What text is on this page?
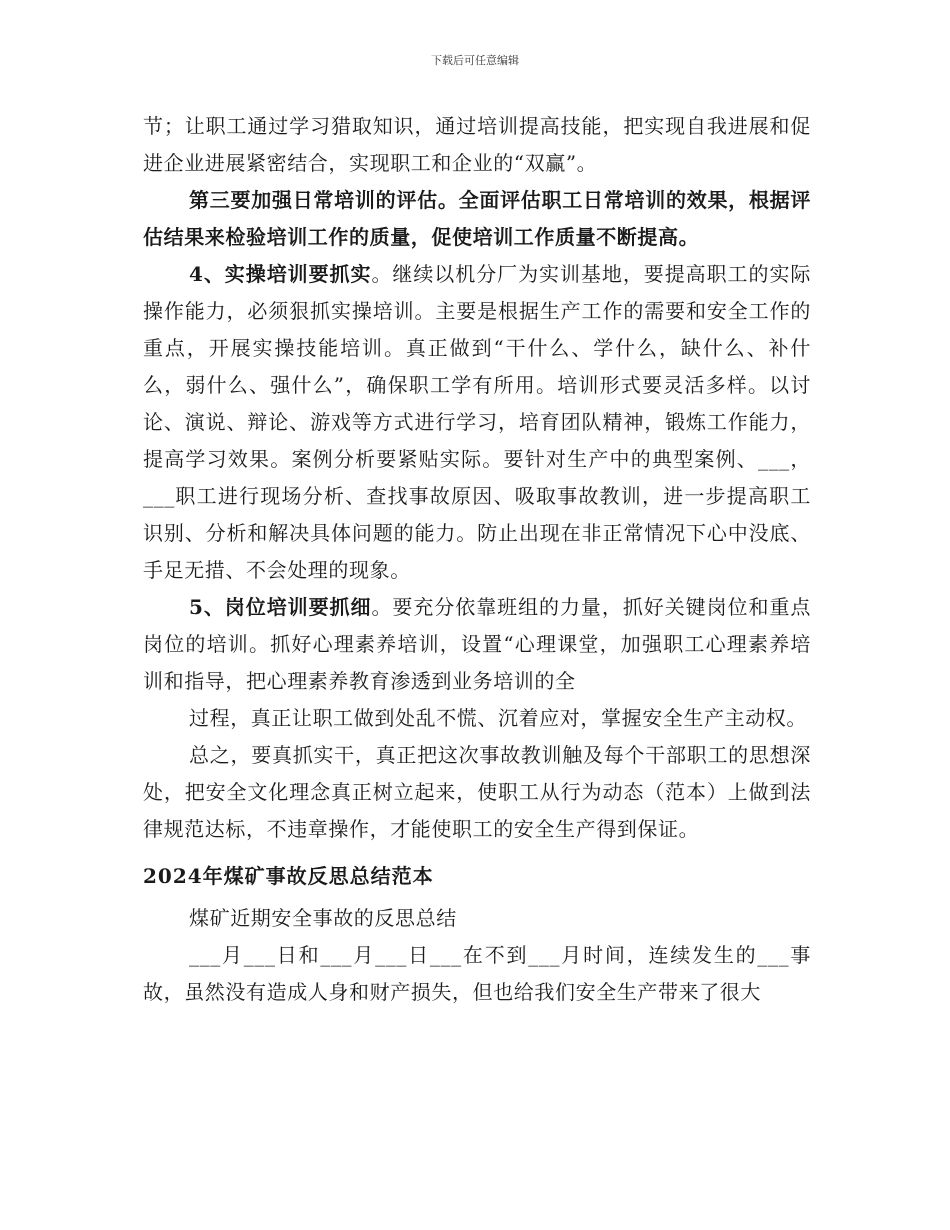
下载后可任意编辑

节；让职工通过学习猎取知识，通过培训提高技能，把实现自我进展和促进企业进展紧密结合，实现职工和企业的“双赢”。

第三要加强日常培训的评估。全面评估职工日常培训的效果，根据评估结果来检验培训工作的质量，促使培训工作质量不断提高。

4、实操培训要抓实。继续以机分厂为实训基地，要提高职工的实际操作能力，必须狠抓实操培训。主要是根据生产工作的需要和安全工作的重点，开展实操技能培训。真正做到“干什么、学什么，缺什么、补什么，弱什么、强什么”，确保职工学有所用。培训形式要灵活多样。以讨论、演说、辩论、游戏等方式进行学习，培育团队精神，锻炼工作能力，提高学习效果。案例分析要紧贴实际。要针对生产中的典型案例、___，___职工进行现场分析、查找事故原因、吸取事故教训，进一步提高职工识别、分析和解决具体问题的能力。防止出现在非正常情况下心中没底、手足无措、不会处理的现象。

5、岗位培训要抓细。要充分依靠班组的力量，抓好关键岗位和重点岗位的培训。抓好心理素养培训，设置“心理课堂，加强职工心理素养培训和指导，把心理素养教育渗透到业务培训的全

过程，真正让职工做到处乱不慌、沉着应对，掌握安全生产主动权。

总之，要真抓实干，真正把这次事故教训触及每个干部职工的思想深处，把安全文化理念真正树立起来，使职工从行为动态（范本）上做到法律规范达标，不违章操作，才能使职工的安全生产得到保证。

2024年煤矿事故反思总结范本

煤矿近期安全事故的反思总结

___月___日和___月___日___在不到___月时间，连续发生的___事故，虽然没有造成人身和财产损失，但也给我们安全生产带来了很大
